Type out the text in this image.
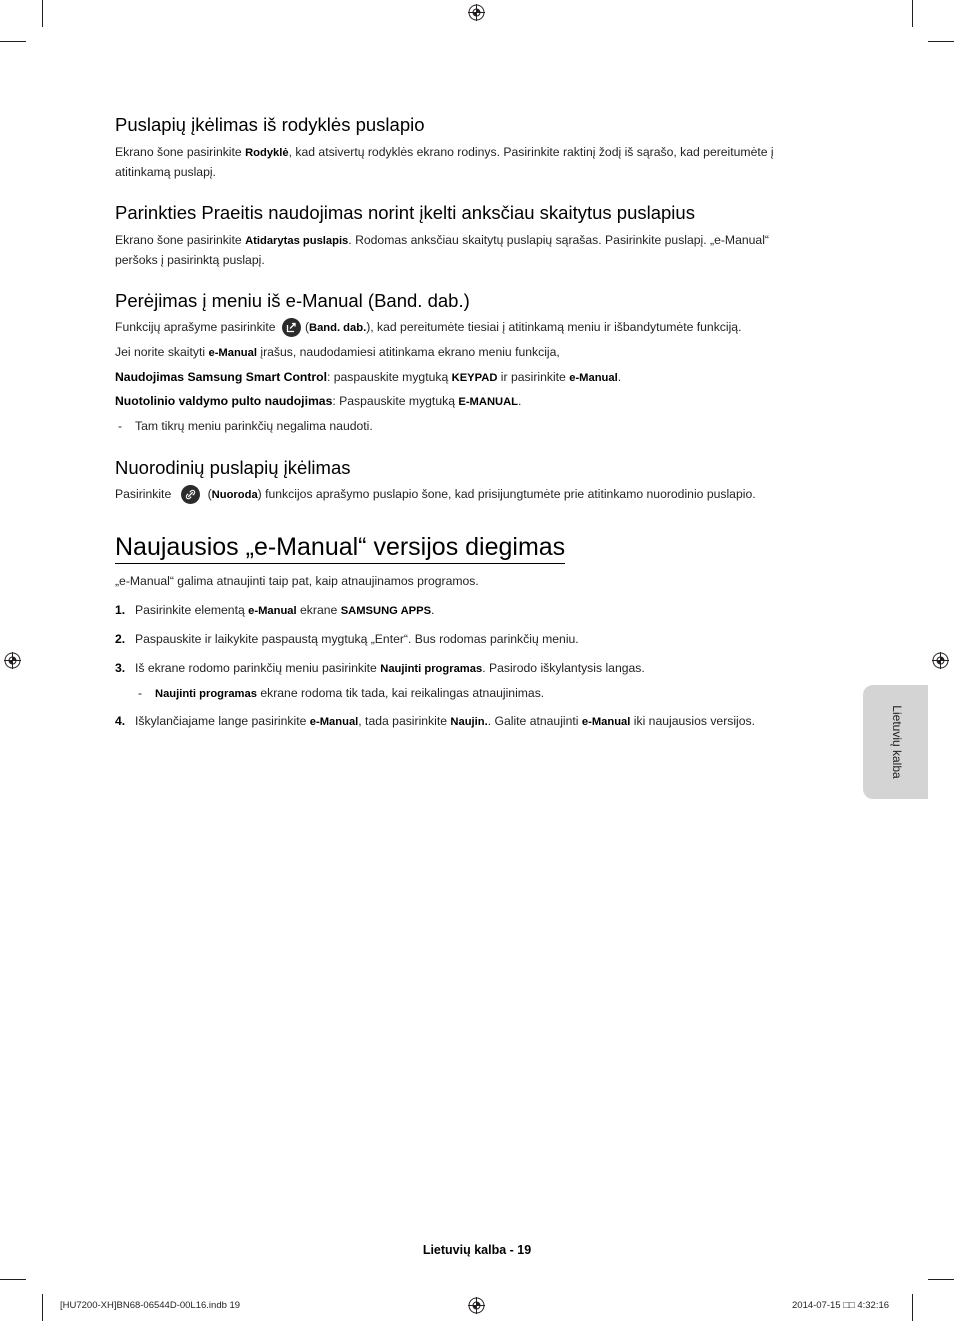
Puslapių įkėlimas iš rodyklės puslapio
Ekrano šone pasirinkite Rodyklė, kad atsivertų rodyklės ekrano rodinys. Pasirinkite raktinį žodį iš sąrašo, kad pereitumėte į atitinkamą puslapį.
Parinkties Praeitis naudojimas norint įkelti anksčiau skaitytus puslapius
Ekrano šone pasirinkite Atidarytas puslapis. Rodomas anksčiau skaitytų puslapių sąrašas. Pasirinkite puslapį. „e-Manual“ peršoks į pasirinktą puslapį.
Perėjimas į meniu iš e-Manual (Band. dab.)
Funkcijų aprašyme pasirinkite (Band. dab.), kad pereitumėte tiesiai į atitinkamą meniu ir išbandytumėte funkciją.
Jei norite skaityti e-Manual įrašus, naudodamiesi atitinkama ekrano meniu funkcija,
Naudojimas Samsung Smart Control: paspauskite mygtuką KEYPAD ir pasirinkite e-Manual.
Nuotolinio valdymo pulto naudojimas: Paspauskite mygtuką E-MANUAL.
- Tam tikrų meniu parinkčių negalima naudoti.
Nuorodinių puslapių įkėlimas
Pasirinkite	(Nuoroda) funkcijos aprašymo puslapio šone, kad prisijungtumėte prie atitinkamo nuorodinio puslapio.
Naujausios „e-Manual“ versijos diegimas
„e-Manual“ galima atnaujinti taip pat, kaip atnaujinamos programos.
1. Pasirinkite elementą e-Manual ekrane SAMSUNG APPS.
2. Paspauskite ir laikykite paspaustą mygtuką „Enter“. Bus rodomas parinkčių meniu.
3. Iš ekrane rodomo parinkčių meniu pasirinkite Naujinti programas. Pasirodo iškylantysis langas.
- Naujinti programas ekrane rodoma tik tada, kai reikalingas atnaujinimas.
4. Iškylančiajame lange pasirinkite e-Manual, tada pasirinkite Naujin.. Galite atnaujinti e-Manual iki naujausios versijos.	Lietuvių kalba
Lietuvių kalba - 19
[HU7200-XH]BN68-06544D-00L16.indb 19	2014-07-15 □□ 4:32:16
